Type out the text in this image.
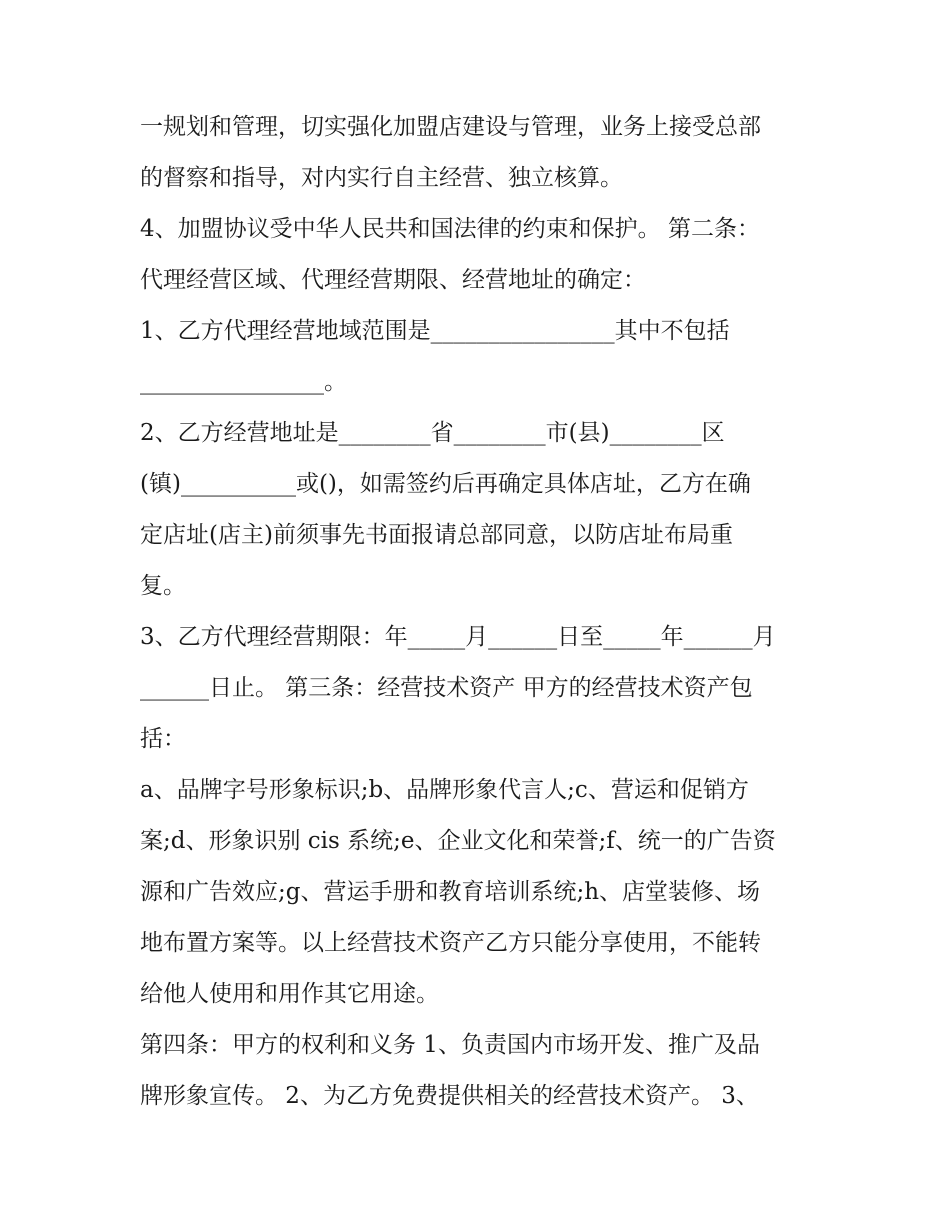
一规划和管理，切实强化加盟店建设与管理，业务上接受总部
的督察和指导，对内实行自主经营、独立核算。
4、加盟协议受中华人民共和国法律的约束和保护。 第二条：
代理经营区域、代理经营期限、经营地址的确定：
1、乙方代理经营地域范围是________________其中不包括
________________。
2、乙方经营地址是________省________市(县)________区
(镇)__________或()，如需签约后再确定具体店址，乙方在确
定店址(店主)前须事先书面报请总部同意，以防店址布局重
复。
3、乙方代理经营期限：年_____月______日至_____年______月
______日止。 第三条：经营技术资产 甲方的经营技术资产包
括：
a、品牌字号形象标识;b、品牌形象代言人;c、营运和促销方
案;d、形象识别 cis 系统;e、企业文化和荣誉;f、统一的广告资
源和广告效应;g、营运手册和教育培训系统;h、店堂装修、场
地布置方案等。以上经营技术资产乙方只能分享使用，不能转
给他人使用和用作其它用途。
第四条：甲方的权利和义务 1、负责国内市场开发、推广及品
牌形象宣传。 2、为乙方免费提供相关的经营技术资产。 3、
